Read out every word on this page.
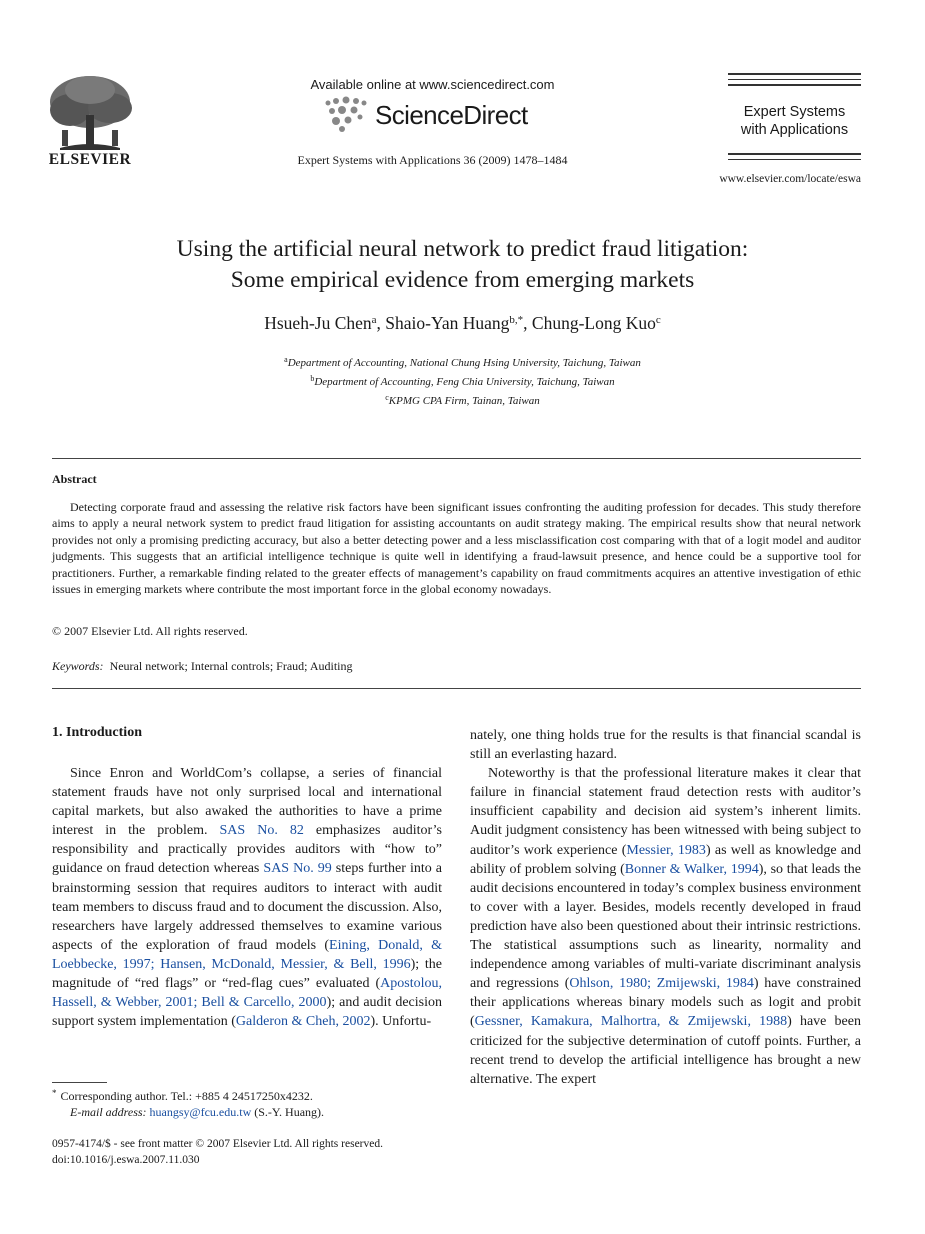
ELSEVIER
Available online at www.sciencedirect.com
ScienceDirect
Expert Systems with Applications 36 (2009) 1478–1484
Expert Systems
with Applications
www.elsevier.com/locate/eswa
Using the artificial neural network to predict fraud litigation:
Some empirical evidence from emerging markets
Hsueh-Ju Chen$^a$, Shaio-Yan Huang$^{b,*}$, Chung-Long Kuo$^c$
$^a$Department of Accounting, National Chung Hsing University, Taichung, Taiwan
$^b$Department of Accounting, Feng Chia University, Taichung, Taiwan
$^c$KPMG CPA Firm, Tainan, Taiwan
Abstract
Detecting corporate fraud and assessing the relative risk factors have been significant issues confronting the auditing profession for decades. This study therefore aims to apply a neural network system to predict fraud litigation for assisting accountants on audit strategy making. The empirical results show that neural network provides not only a promising predicting accuracy, but also a better detecting power and a less misclassification cost comparing with that of a logit model and auditor judgments. This suggests that an artificial intelligence technique is quite well in identifying a fraud-lawsuit presence, and hence could be a supportive tool for practitioners. Further, a remarkable finding related to the greater effects of management’s capability on fraud commitments acquires an attentive investigation of ethic issues in emerging markets where contribute the most important force in the global economy nowadays.
© 2007 Elsevier Ltd. All rights reserved.
Keywords: Neural network; Internal controls; Fraud; Auditing
1. Introduction
Since Enron and WorldCom’s collapse, a series of financial statement frauds have not only surprised local and international capital markets, but also awaked the authorities to have a prime interest in the problem. SAS No. 82 emphasizes auditor’s responsibility and practically provides auditors with “how to” guidance on fraud detection whereas SAS No. 99 steps further into a brainstorming session that requires auditors to interact with audit team members to discuss fraud and to document the discussion. Also, researchers have largely addressed themselves to examine various aspects of the exploration of fraud models (Eining, Donald, & Loebbecke, 1997; Hansen, McDonald, Messier, & Bell, 1996); the magnitude of “red flags” or “red-flag cues” evaluated (Apostolou, Hassell, & Webber, 2001; Bell & Carcello, 2000); and audit decision support system implementation (Galderon & Cheh, 2002). Unfortu-
nately, one thing holds true for the results is that financial scandal is still an everlasting hazard.
Noteworthy is that the professional literature makes it clear that failure in financial statement fraud detection rests with auditor’s insufficient capability and decision aid system’s inherent limits. Audit judgment consistency has been witnessed with being subject to auditor’s work experience (Messier, 1983) as well as knowledge and ability of problem solving (Bonner & Walker, 1994), so that leads the audit decisions encountered in today’s complex business environment to cover with a layer. Besides, models recently developed in fraud prediction have also been questioned about their intrinsic restrictions. The statistical assumptions such as linearity, normality and independence among variables of multi-variate discriminant analysis and regressions (Ohlson, 1980; Zmijewski, 1984) have constrained their applications whereas binary models such as logit and probit (Gessner, Kamakura, Malhortra, & Zmijewski, 1988) have been criticized for the subjective determination of cutoff points. Further, a recent trend to develop the artificial intelligence has brought a new alternative. The expert
* Corresponding author. Tel.: +885 4 24517250x4232.
E-mail address: huangsy@fcu.edu.tw (S.-Y. Huang).
0957-4174/$ - see front matter © 2007 Elsevier Ltd. All rights reserved.
doi:10.1016/j.eswa.2007.11.030
